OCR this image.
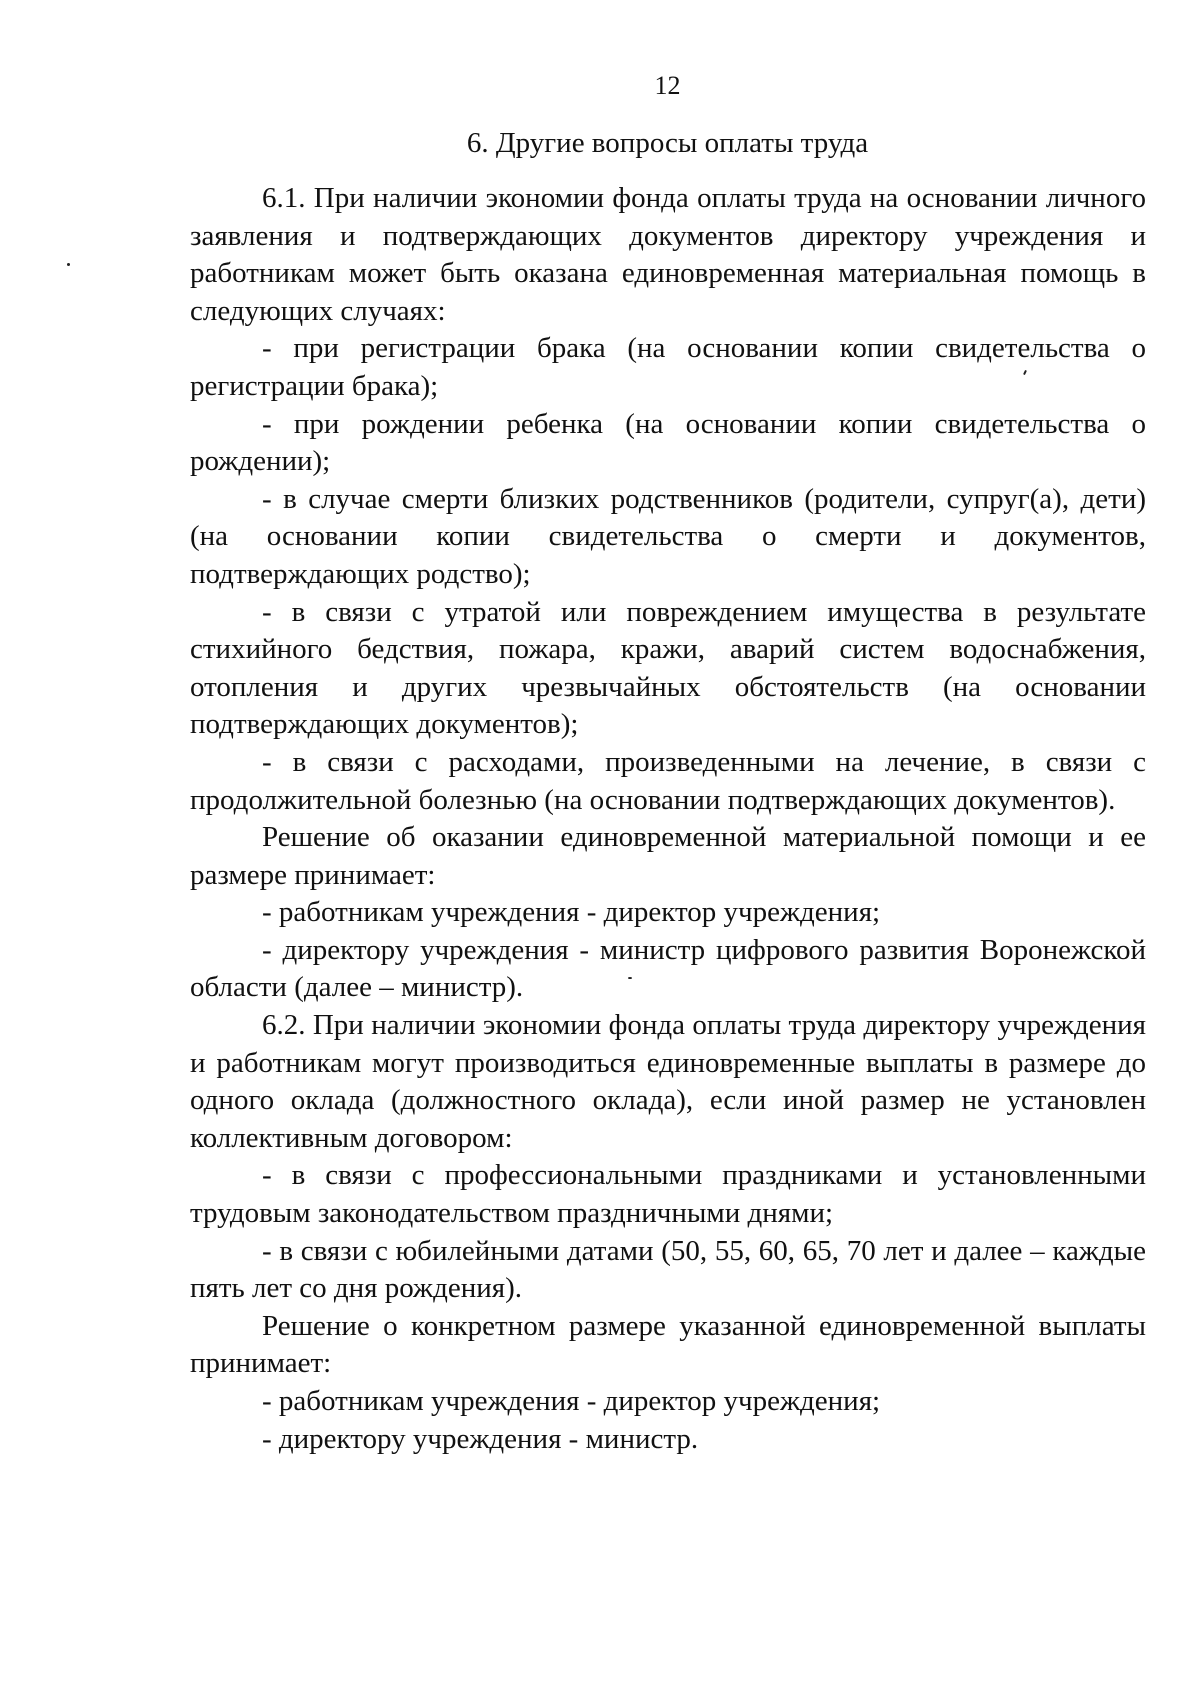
12
6. Другие вопросы оплаты труда

6.1. При наличии экономии фонда оплаты труда на основании личного заявления и подтверждающих документов директору учреждения и работникам может быть оказана единовременная материальная помощь в следующих случаях:

- при регистрации брака (на основании копии свидетельства о регистрации брака);

- при рождении ребенка (на основании копии свидетельства о рождении);

- в случае смерти близких родственников (родители, супруг(а), дети) (на основании копии свидетельства о смерти и документов, подтверждающих родство);

- в связи с утратой или повреждением имущества в результате стихийного бедствия, пожара, кражи, аварий систем водоснабжения, отопления и других чрезвычайных обстоятельств (на основании подтверждающих документов);

- в связи с расходами, произведенными на лечение, в связи с продолжительной болезнью (на основании подтверждающих документов).

Решение об оказании единовременной материальной помощи и ее размере принимает:

- работникам учреждения - директор учреждения;

- директору учреждения - министр цифрового развития Воронежской области (далее – министр).

6.2. При наличии экономии фонда оплаты труда директору учреждения и работникам могут производиться единовременные выплаты в размере до одного оклада (должностного оклада), если иной размер не установлен коллективным договором:

- в связи с профессиональными праздниками и установленными трудовым законодательством праздничными днями;

- в связи с юбилейными датами (50, 55, 60, 65, 70 лет и далее – каждые пять лет со дня рождения).

Решение о конкретном размере указанной единовременной выплаты принимает:

- работникам учреждения - директор учреждения;

- директору учреждения - министр.
